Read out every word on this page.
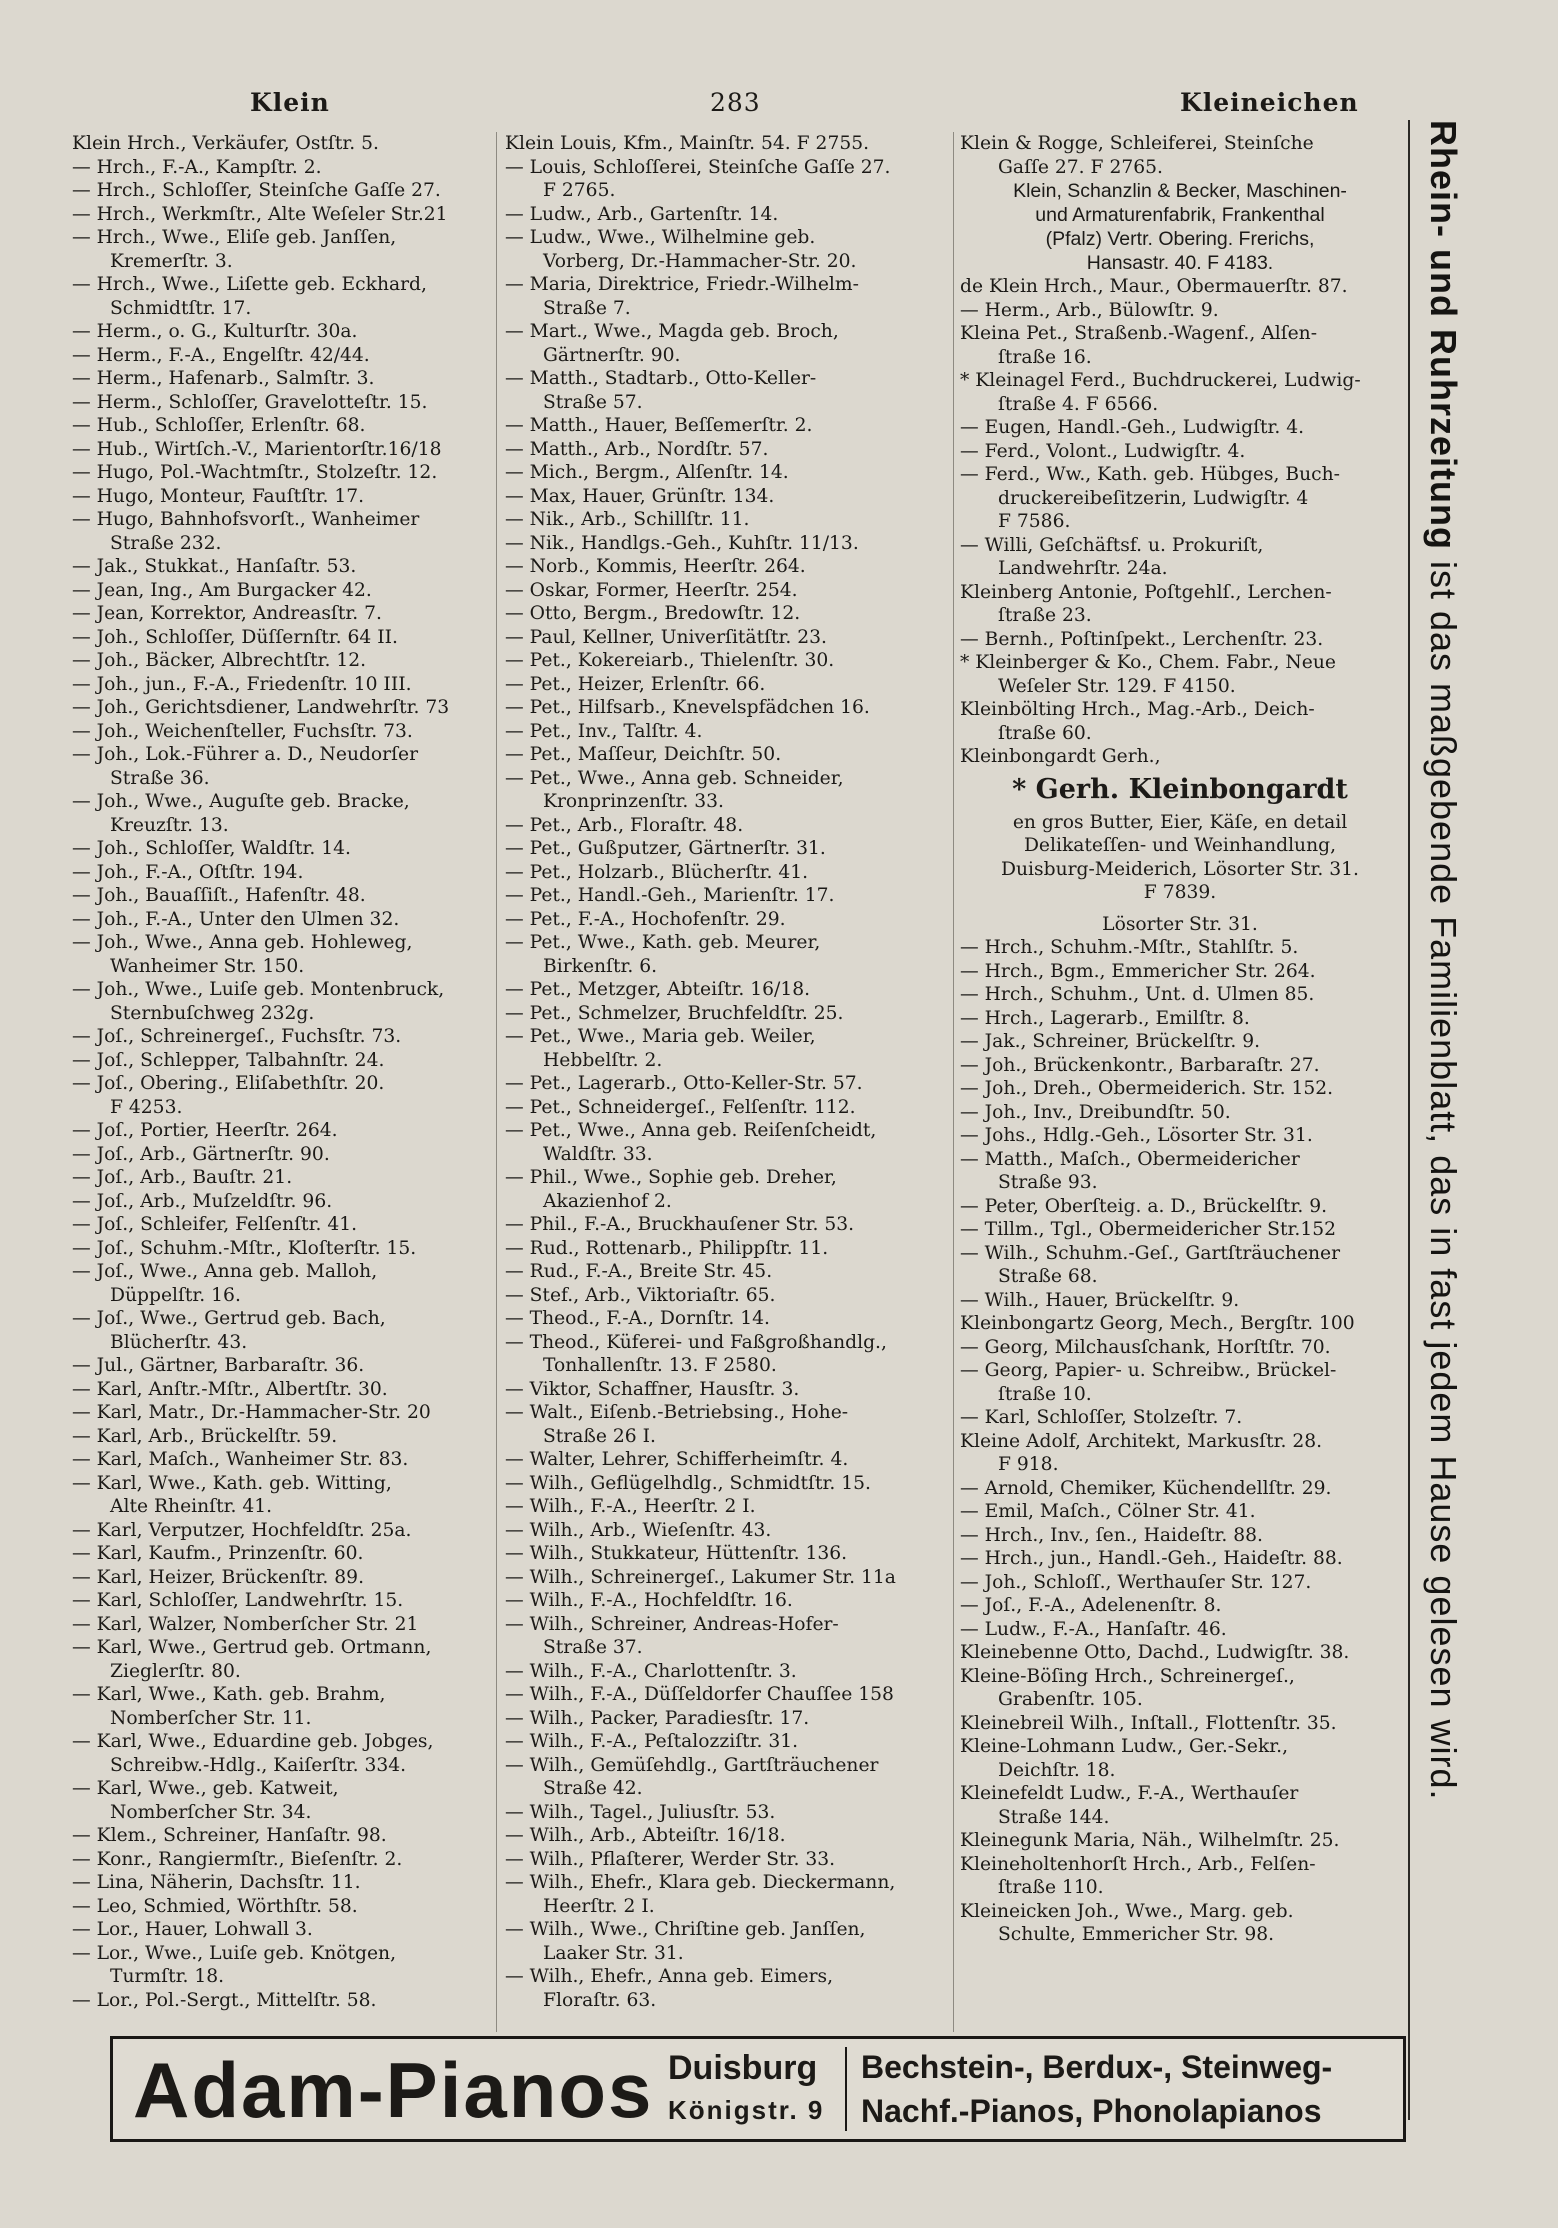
Klein	283	Kleineichen
Klein Hrch., Verkäufer, Ostſtr. 5.
— Hrch., F.-A., Kampſtr. 2.
— Hrch., Schloſſer, Steinſche Gaſſe 27.
— Hrch., Werkmſtr., Alte Weſeler Str.21
— Hrch., Wwe., Eliſe geb. Janſſen,
Kremerſtr. 3.
— Hrch., Wwe., Liſette geb. Eckhard,
Schmidtſtr. 17.
— Herm., o. G., Kulturſtr. 30a.
— Herm., F.-A., Engelſtr. 42/44.
— Herm., Hafenarb., Salmſtr. 3.
— Herm., Schloſſer, Gravelotteſtr. 15.
— Hub., Schloſſer, Erlenſtr. 68.
— Hub., Wirtſch.-V., Marientorſtr.16/18
— Hugo, Pol.-Wachtmſtr., Stolzeſtr. 12.
— Hugo, Monteur, Fauſtſtr. 17.
— Hugo, Bahnhofsvorſt., Wanheimer
Straße 232.
— Jak., Stukkat., Hanſaſtr. 53.
— Jean, Ing., Am Burgacker 42.
— Jean, Korrektor, Andreasſtr. 7.
— Joh., Schloſſer, Düſſernſtr. 64 II.
— Joh., Bäcker, Albrechtſtr. 12.
— Joh., jun., F.-A., Friedenſtr. 10 III.
— Joh., Gerichtsdiener, Landwehrſtr. 73
— Joh., Weichenſteller, Fuchsſtr. 73.
— Joh., Lok.-Führer a. D., Neudorſer
Straße 36.
— Joh., Wwe., Auguſte geb. Bracke,
Kreuzſtr. 13.
— Joh., Schloſſer, Waldſtr. 14.
— Joh., F.-A., Oſtſtr. 194.
— Joh., Bauaſſiſt., Hafenſtr. 48.
— Joh., F.-A., Unter den Ulmen 32.
— Joh., Wwe., Anna geb. Hohleweg,
Wanheimer Str. 150.
— Joh., Wwe., Luiſe geb. Montenbruck,
Sternbuſchweg 232g.
— Joſ., Schreinergeſ., Fuchsſtr. 73.
— Joſ., Schlepper, Talbahnſtr. 24.
— Joſ., Obering., Eliſabethſtr. 20.
F 4253.
— Joſ., Portier, Heerſtr. 264.
— Joſ., Arb., Gärtnerſtr. 90.
— Joſ., Arb., Bauſtr. 21.
— Joſ., Arb., Muſzeldſtr. 96.
— Joſ., Schleifer, Felſenſtr. 41.
— Joſ., Schuhm.-Mſtr., Kloſterſtr. 15.
— Joſ., Wwe., Anna geb. Malloh,
Düppelſtr. 16.
— Joſ., Wwe., Gertrud geb. Bach,
Blücherſtr. 43.
— Jul., Gärtner, Barbaraſtr. 36.
— Karl, Anſtr.-Mſtr., Albertſtr. 30.
— Karl, Matr., Dr.-Hammacher-Str. 20
— Karl, Arb., Brückelſtr. 59.
— Karl, Maſch., Wanheimer Str. 83.
— Karl, Wwe., Kath. geb. Witting,
Alte Rheinſtr. 41.
— Karl, Verputzer, Hochfeldſtr. 25a.
— Karl, Kaufm., Prinzenſtr. 60.
— Karl, Heizer, Brückenſtr. 89.
— Karl, Schloſſer, Landwehrſtr. 15.
— Karl, Walzer, Nomberſcher Str. 21
— Karl, Wwe., Gertrud geb. Ortmann,
Zieglerſtr. 80.
— Karl, Wwe., Kath. geb. Brahm,
Nomberſcher Str. 11.
— Karl, Wwe., Eduardine geb. Jobges,
Schreibw.-Hdlg., Kaiſerſtr. 334.
— Karl, Wwe., geb. Katweit,
Nomberſcher Str. 34.
— Klem., Schreiner, Hanſaſtr. 98.
— Konr., Rangiermſtr., Bieſenſtr. 2.
— Lina, Näherin, Dachsſtr. 11.
— Leo, Schmied, Wörthſtr. 58.
— Lor., Hauer, Lohwall 3.
— Lor., Wwe., Luiſe geb. Knötgen,
Turmſtr. 18.
— Lor., Pol.-Sergt., Mittelſtr. 58.
Klein Louis, Kfm., Mainſtr. 54. F 2755.
— Louis, Schloſſerei, Steinſche Gaſſe 27.
F 2765.
— Ludw., Arb., Gartenſtr. 14.
— Ludw., Wwe., Wilhelmine geb.
Vorberg, Dr.-Hammacher-Str. 20.
— Maria, Direktrice, Friedr.-Wilhelm-
Straße 7.
— Mart., Wwe., Magda geb. Broch,
Gärtnerſtr. 90.
— Matth., Stadtarb., Otto-Keller-
Straße 57.
— Matth., Hauer, Beſſemerſtr. 2.
— Matth., Arb., Nordſtr. 57.
— Mich., Bergm., Alſenſtr. 14.
— Max, Hauer, Grünſtr. 134.
— Nik., Arb., Schillſtr. 11.
— Nik., Handlgs.-Geh., Kuhſtr. 11/13.
— Norb., Kommis, Heerſtr. 264.
— Oskar, Former, Heerſtr. 254.
— Otto, Bergm., Bredowſtr. 12.
— Paul, Kellner, Univerſitätſtr. 23.
— Pet., Kokereiarb., Thielenſtr. 30.
— Pet., Heizer, Erlenſtr. 66.
— Pet., Hilfsarb., Knevelspfädchen 16.
— Pet., Inv., Talſtr. 4.
— Pet., Maſſeur, Deichſtr. 50.
— Pet., Wwe., Anna geb. Schneider,
Kronprinzenſtr. 33.
— Pet., Arb., Floraſtr. 48.
— Pet., Gußputzer, Gärtnerſtr. 31.
— Pet., Holzarb., Blücherſtr. 41.
— Pet., Handl.-Geh., Marienſtr. 17.
— Pet., F.-A., Hochofenſtr. 29.
— Pet., Wwe., Kath. geb. Meurer,
Birkenſtr. 6.
— Pet., Metzger, Abteiſtr. 16/18.
— Pet., Schmelzer, Bruchfeldſtr. 25.
— Pet., Wwe., Maria geb. Weiler,
Hebbelſtr. 2.
— Pet., Lagerarb., Otto-Keller-Str. 57.
— Pet., Schneidergeſ., Felſenſtr. 112.
— Pet., Wwe., Anna geb. Reiſenſcheidt,
Waldſtr. 33.
— Phil., Wwe., Sophie geb. Dreher,
Akazienhof 2.
— Phil., F.-A., Bruckhauſener Str. 53.
— Rud., Rottenarb., Philippſtr. 11.
— Rud., F.-A., Breite Str. 45.
— Stef., Arb., Viktoriaſtr. 65.
— Theod., F.-A., Dornſtr. 14.
— Theod., Küferei- und Faßgroßhandlg.,
Tonhallenſtr. 13. F 2580.
— Viktor, Schaffner, Hausſtr. 3.
— Walt., Eiſenb.-Betriebsing., Hohe-
Straße 26 I.
— Walter, Lehrer, Schifferheimſtr. 4.
— Wilh., Geflügelhdlg., Schmidtſtr. 15.
— Wilh., F.-A., Heerſtr. 2 I.
— Wilh., Arb., Wieſenſtr. 43.
— Wilh., Stukkateur, Hüttenſtr. 136.
— Wilh., Schreinergeſ., Lakumer Str. 11a
— Wilh., F.-A., Hochfeldſtr. 16.
— Wilh., Schreiner, Andreas-Hofer-
Straße 37.
— Wilh., F.-A., Charlottenſtr. 3.
— Wilh., F.-A., Düſſeldorfer Chauſſee 158
— Wilh., Packer, Paradiesſtr. 17.
— Wilh., F.-A., Peſtalozziſtr. 31.
— Wilh., Gemüſehdlg., Gartſträuchener
Straße 42.
— Wilh., Tagel., Juliusſtr. 53.
— Wilh., Arb., Abteiſtr. 16/18.
— Wilh., Pflaſterer, Werder Str. 33.
— Wilh., Ehefr., Klara geb. Dieckermann,
Heerſtr. 2 I.
— Wilh., Wwe., Chriſtine geb. Janſſen,
Laaker Str. 31.
— Wilh., Ehefr., Anna geb. Eimers,
Floraſtr. 63.
Klein & Rogge, Schleiferei, Steinſche
Gaſſe 27. F 2765.
Klein, Schanzlin & Becker, Maschinen-
und Armaturenfabrik, Frankenthal
(Pfalz) Vertr. Obering. Frerichs,
Hansastr. 40. F 4183.
de Klein Hrch., Maur., Obermauerſtr. 87.
— Herm., Arb., Bülowſtr. 9.
Kleina Pet., Straßenb.-Wagenf., Alſen-
ſtraße 16.
* Kleinagel Ferd., Buchdruckerei, Ludwig-
ſtraße 4. F 6566.
— Eugen, Handl.-Geh., Ludwigſtr. 4.
— Ferd., Volont., Ludwigſtr. 4.
— Ferd., Ww., Kath. geb. Hübges, Buch-
druckereibeſitzerin, Ludwigſtr. 4
F 7586.
— Willi, Geſchäftsf. u. Prokuriſt,
Landwehrſtr. 24a.
Kleinberg Antonie, Poſtgehlſ., Lerchen-
ſtraße 23.
— Bernh., Poſtinſpekt., Lerchenſtr. 23.
* Kleinberger & Ko., Chem. Fabr., Neue
Weſeler Str. 129. F 4150.
Kleinbölting Hrch., Mag.-Arb., Deich-
ſtraße 60.
Kleinbongardt Gerh.,
* Gerh. Kleinbongardt
en gros Butter, Eier, Käſe, en detail
Delikateſſen- und Weinhandlung,
Duisburg-Meiderich, Lösorter Str. 31.
F 7839.
Lösorter Str. 31.
— Hrch., Schuhm.-Mſtr., Stahlſtr. 5.
— Hrch., Bgm., Emmericher Str. 264.
— Hrch., Schuhm., Unt. d. Ulmen 85.
— Hrch., Lagerarb., Emilſtr. 8.
— Jak., Schreiner, Brückelſtr. 9.
— Joh., Brückenkontr., Barbaraſtr. 27.
— Joh., Dreh., Obermeiderich. Str. 152.
— Joh., Inv., Dreibundſtr. 50.
— Johs., Hdlg.-Geh., Lösorter Str. 31.
— Matth., Maſch., Obermeidericher
Straße 93.
— Peter, Oberſteig. a. D., Brückelſtr. 9.
— Tillm., Tgl., Obermeidericher Str.152
— Wilh., Schuhm.-Geſ., Gartſträuchener
Straße 68.
— Wilh., Hauer, Brückelſtr. 9.
Kleinbongartz Georg, Mech., Bergſtr. 100
— Georg, Milchausſchank, Horſtſtr. 70.
— Georg, Papier- u. Schreibw., Brückel-
ſtraße 10.
— Karl, Schloſſer, Stolzeſtr. 7.
Kleine Adolf, Architekt, Markusſtr. 28.
F 918.
— Arnold, Chemiker, Küchendellſtr. 29.
— Emil, Maſch., Cölner Str. 41.
— Hrch., Inv., ſen., Haideſtr. 88.
— Hrch., jun., Handl.-Geh., Haideſtr. 88.
— Joh., Schloſſ., Werthauſer Str. 127.
— Joſ., F.-A., Adelenenſtr. 8.
— Ludw., F.-A., Hanſaſtr. 46.
Kleinebenne Otto, Dachd., Ludwigſtr. 38.
Kleine-Böſing Hrch., Schreinergeſ.,
Grabenſtr. 105.
Kleinebreil Wilh., Inſtall., Flottenſtr. 35.
Kleine-Lohmann Ludw., Ger.-Sekr.,
Deichſtr. 18.
Kleinefeldt Ludw., F.-A., Werthauſer
Straße 144.
Kleinegunk Maria, Näh., Wilhelmſtr. 25.
Kleineholtenhorſt Hrch., Arb., Felſen-
ſtraße 110.
Kleineicken Joh., Wwe., Marg. geb.
Schulte, Emmericher Str. 98.
Rhein- und Ruhrzeitung ist das maßgebende Familienblatt, das in fast jedem Hause gelesen wird.
Adam-Pianos Duisburg
Königstr. 9
Bechstein-, Berdux-, Steinweg-
Nachf.-Pianos, Phonolapianos
